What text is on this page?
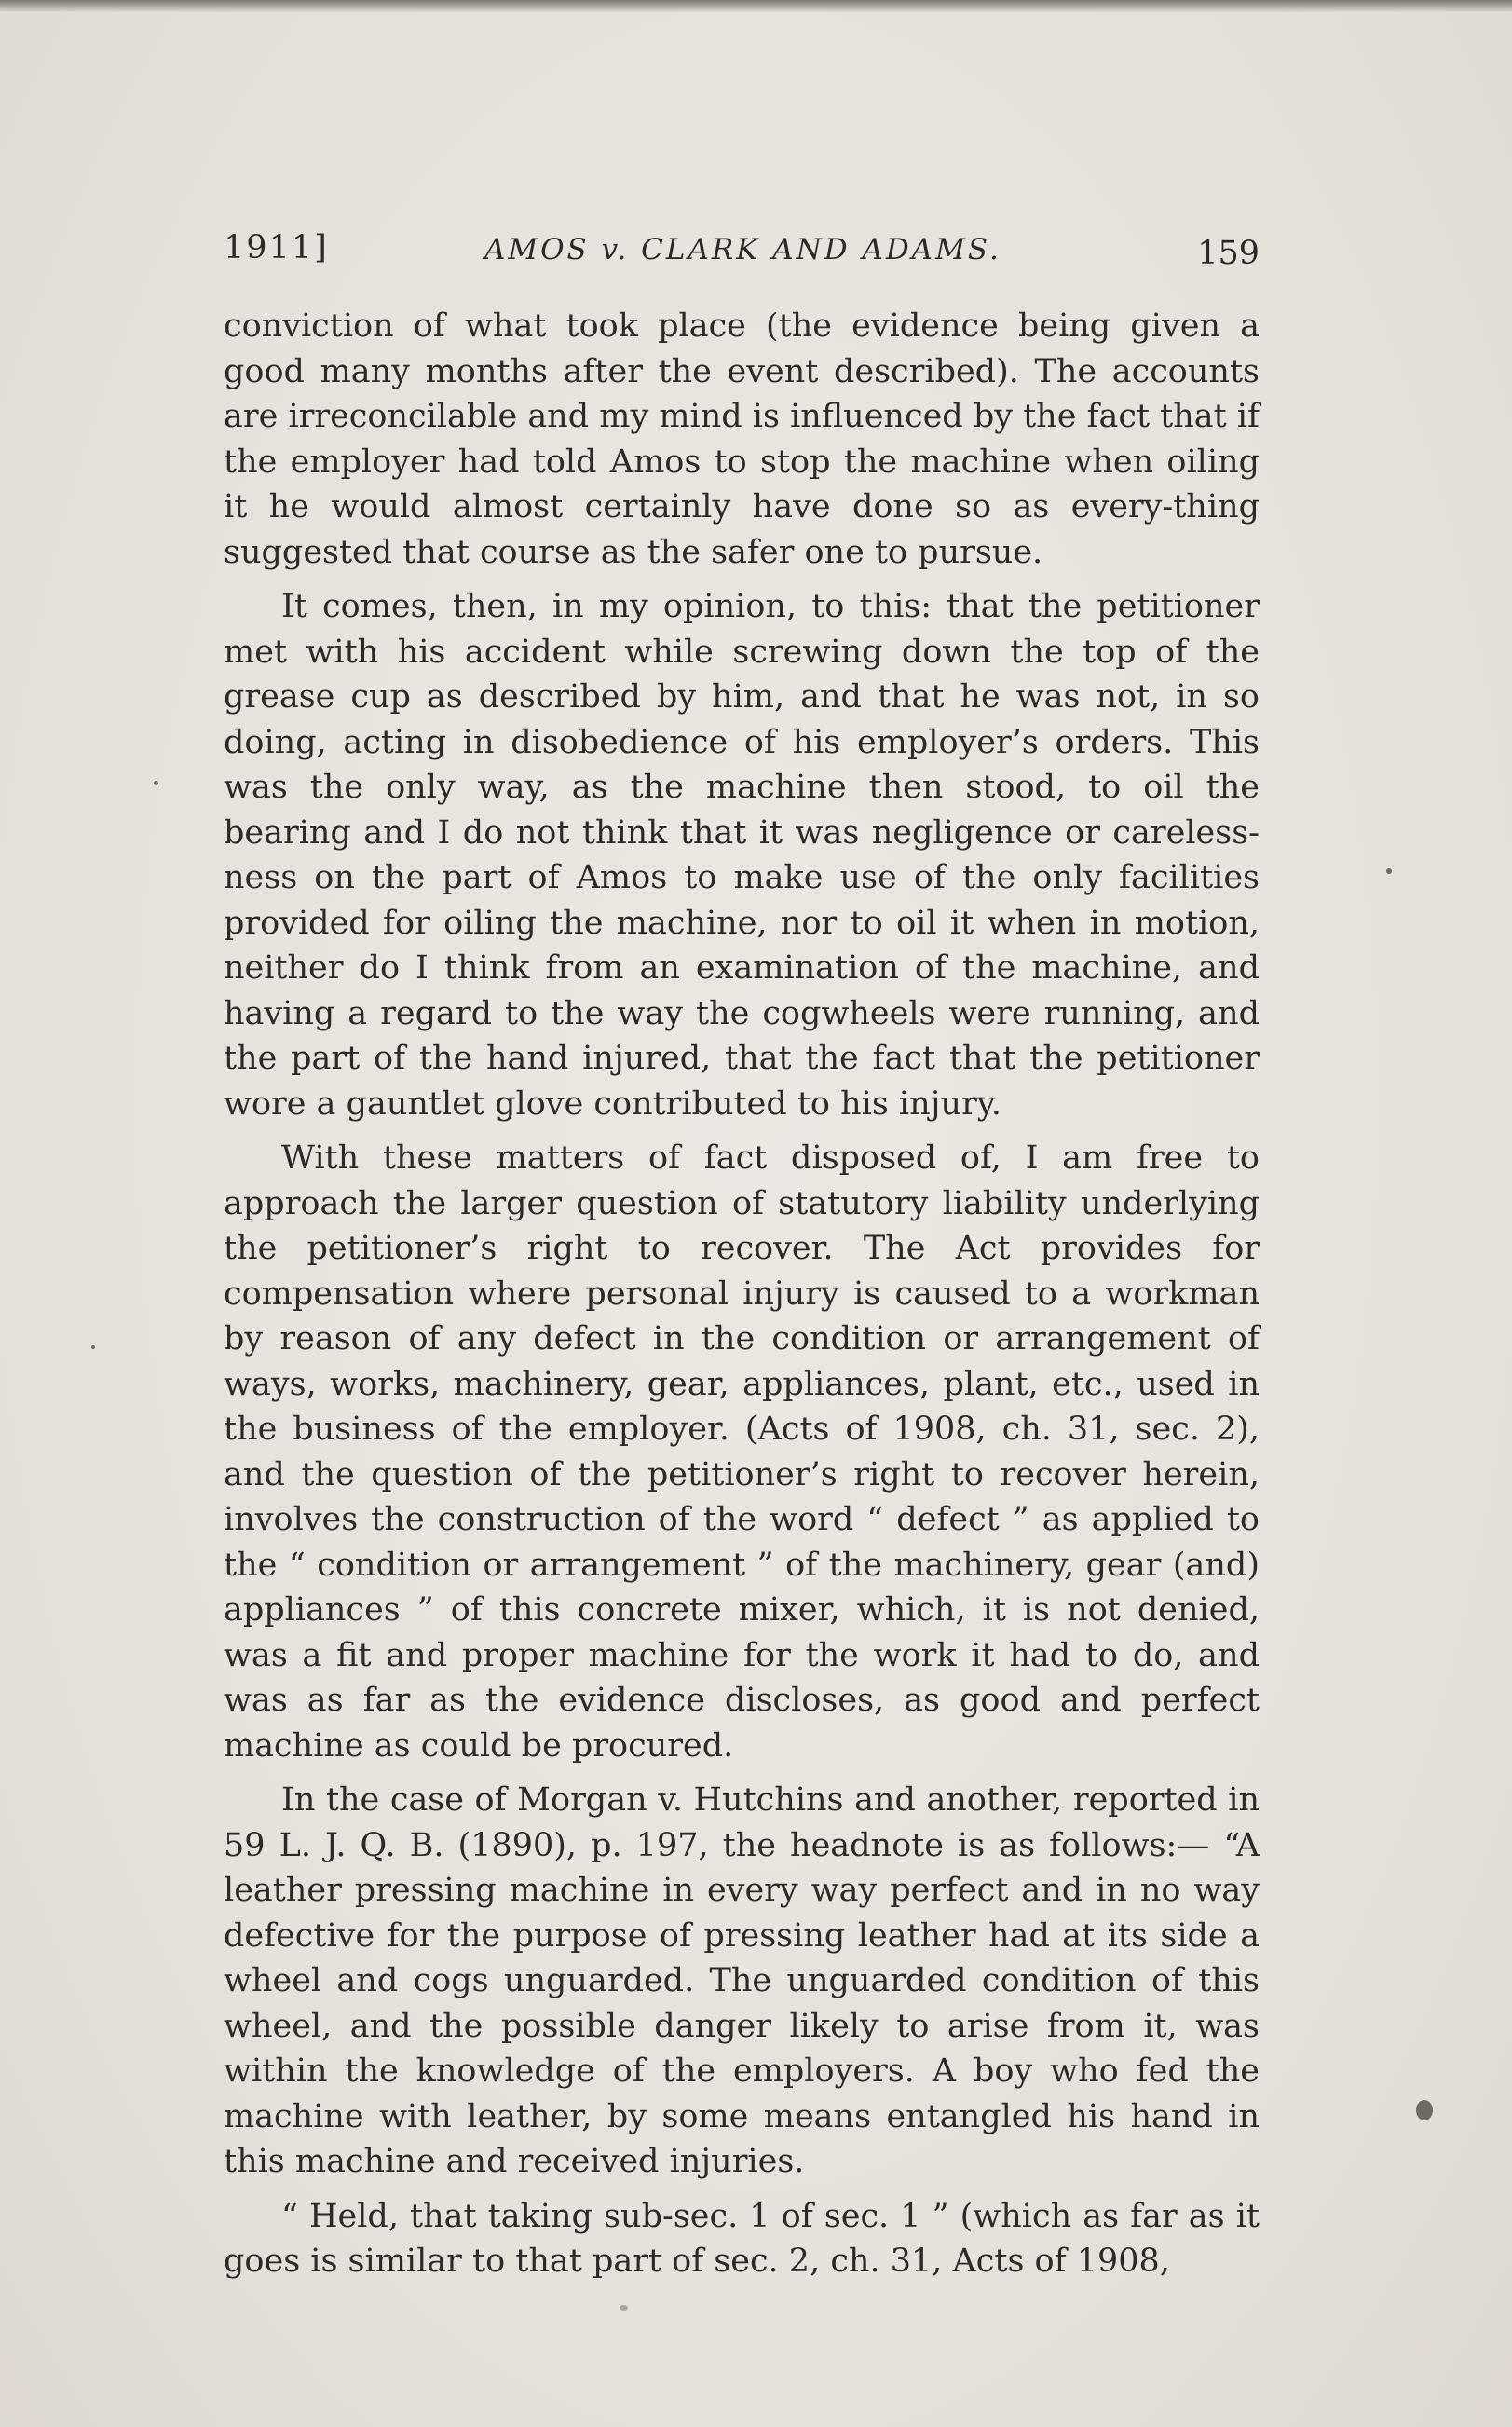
1911]	AMOS v. CLARK AND ADAMS.	159

conviction of what took place (the evidence being given a good many months after the event described). The accounts are irreconcilable and my mind is influenced by the fact that if the employer had told Amos to stop the machine when oiling it he would almost certainly have done so as every-thing suggested that course as the safer one to pursue.

It comes, then, in my opinion, to this: that the petitioner met with his accident while screwing down the top of the grease cup as described by him, and that he was not, in so doing, acting in disobedience of his employer’s orders. This was the only way, as the machine then stood, to oil the bearing and I do not think that it was negligence or careless-ness on the part of Amos to make use of the only facilities provided for oiling the machine, nor to oil it when in motion, neither do I think from an examination of the machine, and having a regard to the way the cogwheels were running, and the part of the hand injured, that the fact that the petitioner wore a gauntlet glove contributed to his injury.

With these matters of fact disposed of, I am free to approach the larger question of statutory liability underlying the petitioner’s right to recover. The Act provides for compensation where personal injury is caused to a workman by reason of any defect in the condition or arrangement of ways, works, machinery, gear, appliances, plant, etc., used in the business of the employer. (Acts of 1908, ch. 31, sec. 2), and the question of the petitioner’s right to recover herein, involves the construction of the word “ defect ” as applied to the “ condition or arrangement ” of the machinery, gear (and) appliances ” of this concrete mixer, which, it is not denied, was a fit and proper machine for the work it had to do, and was as far as the evidence discloses, as good and perfect machine as could be procured.

In the case of Morgan v. Hutchins and another, reported in 59 L. J. Q. B. (1890), p. 197, the headnote is as follows:— “A leather pressing machine in every way perfect and in no way defective for the purpose of pressing leather had at its side a wheel and cogs unguarded. The unguarded condition of this wheel, and the possible danger likely to arise from it, was within the knowledge of the employers. A boy who fed the machine with leather, by some means entangled his hand in this machine and received injuries.

“ Held, that taking sub-sec. 1 of sec. 1 ” (which as far as it goes is similar to that part of sec. 2, ch. 31, Acts of 1908,
